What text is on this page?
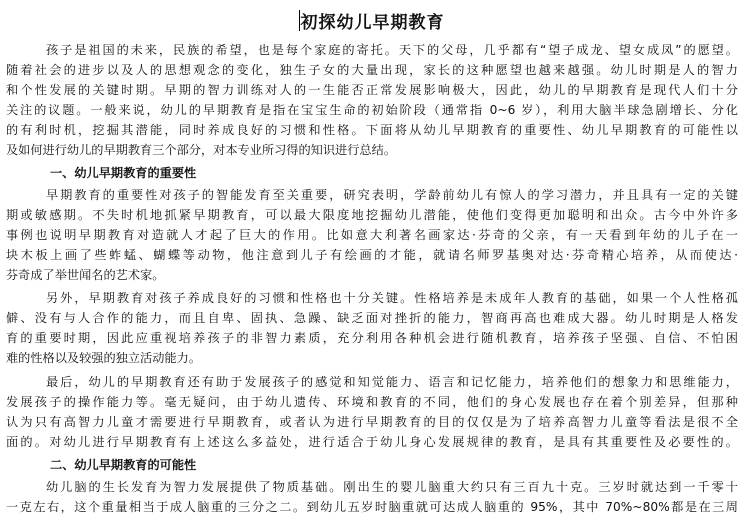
初探幼儿早期教育
孩子是祖国的未来，民族的希望，也是每个家庭的寄托。天下的父母，几乎都有“望子成龙、望女成凤”的愿望。
随着社会的进步以及人的思想观念的变化，独生子女的大量出现，家长的这种愿望也越来越强。幼儿时期是人的智力
和个性发展的关键时期。早期的智力训练对人的一生能否正常发展影响极大，因此，幼儿的早期教育是现代人们十分
关注的议题。一般来说，幼儿的早期教育是指在宝宝生命的初始阶段（通常指 0~6 岁），利用大脑半球急剧增长、分化
的有利时机，挖掘其潜能，同时养成良好的习惯和性格。下面将从幼儿早期教育的重要性、幼儿早期教育的可能性以
及如何进行幼儿的早期教育三个部分，对本专业所习得的知识进行总结。
一、幼儿早期教育的重要性
早期教育的重要性对孩子的智能发育至关重要，研究表明，学龄前幼儿有惊人的学习潜力，并且具有一定的关键
期或敏感期。不失时机地抓紧早期教育，可以最大限度地挖掘幼儿潜能，使他们变得更加聪明和出众。古今中外许多
事例也说明早期教育对造就人才起了巨大的作用。比如意大利著名画家达·芬奇的父亲，有一天看到年幼的儿子在一
块木板上画了些蚱蜢、蝴蝶等动物，他注意到儿子有绘画的才能，就请名师罗基奥对达·芬奇精心培养，从而使达·
芬奇成了举世闻名的艺术家。
另外，早期教育对孩子养成良好的习惯和性格也十分关键。性格培养是未成年人教育的基础，如果一个人性格孤
僻、没有与人合作的能力，而且自卑、固执、急躁、缺乏面对挫折的能力，智商再高也难成大器。幼儿时期是人格发
育的重要时期，因此应重视培养孩子的非智力素质，充分利用各种机会进行随机教育，培养孩子坚强、自信、不怕困
难的性格以及较强的独立活动能力。
最后，幼儿的早期教育还有助于发展孩子的感觉和知觉能力、语言和记忆能力，培养他们的想象力和思维能力，
发展孩子的操作能力等。毫无疑问，由于幼儿遗传、环境和教育的不同，他们的身心发展也存在着个别差异，但那种
认为只有高智力儿童才需要进行早期教育，或者认为进行早期教育的目的仅仅是为了培养高智力儿童等看法是很不全
面的。对幼儿进行早期教育有上述这么多益处，进行适合于幼儿身心发展规律的教育，是具有其重要性及必要性的。
二、幼儿早期教育的可能性
幼儿脑的生长发育为智力发展提供了物质基础。刚出生的婴儿脑重大约只有三百九十克。三岁时就达到一千零十
一克左右，这个重量相当于成人脑重的三分之二。到幼儿五岁时脑重就可达成人脑重的 95%，其中 70%~80%都是在三周
